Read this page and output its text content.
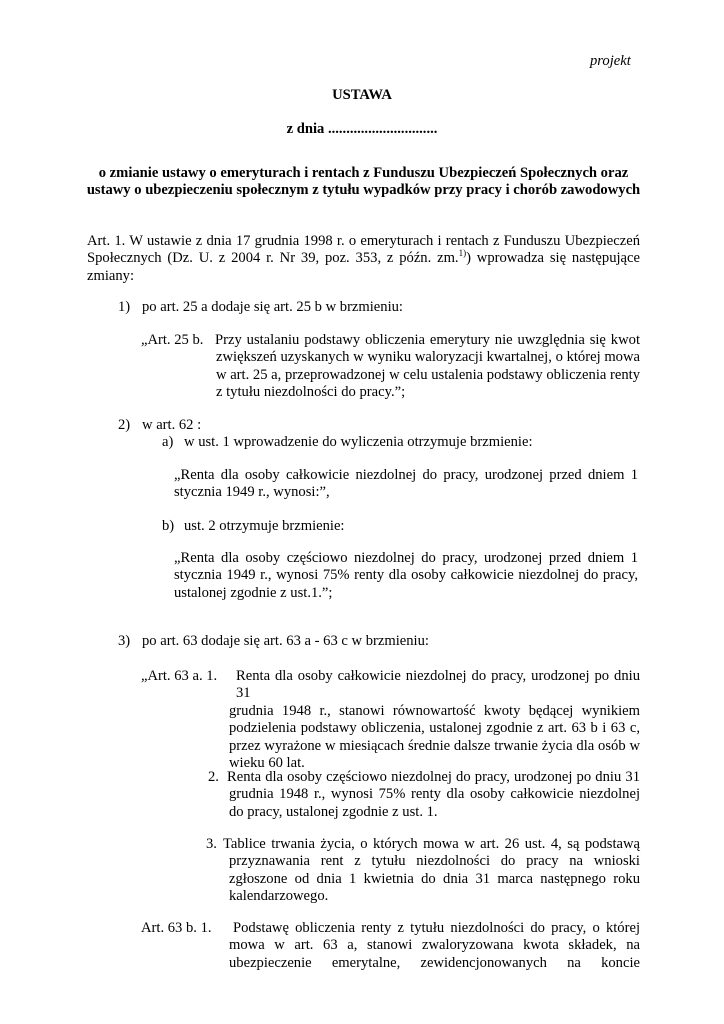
projekt
USTAWA
z dnia ..............................
o zmianie ustawy o emeryturach i rentach z Funduszu Ubezpieczeń Społecznych oraz ustawy o ubezpieczeniu społecznym z tytułu wypadków przy pracy i chorób zawodowych
Art. 1. W ustawie z dnia 17 grudnia 1998 r. o emeryturach i rentach z Funduszu Ubezpieczeń Społecznych (Dz. U. z 2004 r. Nr 39, poz. 353, z późn. zm.$^{1)}$) wprowadza się następujące zmiany:
1) po art. 25 a dodaje się art. 25 b w brzmieniu:
„Art. 25 b. Przy ustalaniu podstawy obliczenia emerytury nie uwzględnia się kwot
zwiększeń uzyskanych w wyniku waloryzacji kwartalnej, o której mowa w art. 25 a, przeprowadzonej w celu ustalenia podstawy obliczenia renty z tytułu niezdolności do pracy.”;
2) w art. 62 :
a) w ust. 1 wprowadzenie do wyliczenia otrzymuje brzmienie:
„Renta dla osoby całkowicie niezdolnej do pracy, urodzonej przed dniem 1 stycznia 1949 r., wynosi:”,
b) ust. 2 otrzymuje brzmienie:
„Renta dla osoby częściowo niezdolnej do pracy, urodzonej przed dniem 1 stycznia 1949 r., wynosi 75% renty dla osoby całkowicie niezdolnej do pracy, ustalonej zgodnie z ust.1.”;
3) po art. 63 dodaje się art. 63 a - 63 c w brzmieniu:
„Art. 63 a. 1.	Renta dla osoby całkowicie niezdolnej do pracy, urodzonej po dniu 31
grudnia 1948 r., stanowi równowartość kwoty będącej wynikiem podzielenia podstawy obliczenia, ustalonej zgodnie z art. 63 b i 63 c, przez wyrażone w miesiącach średnie dalsze trwanie życia dla osób w wieku 60 lat.
2. Renta dla osoby częściowo niezdolnej do pracy, urodzonej po dniu 31
grudnia 1948 r., wynosi 75% renty dla osoby całkowicie niezdolnej do pracy, ustalonej zgodnie z ust. 1.
3. Tablice trwania życia, o których mowa w art. 26 ust. 4, są podstawą
przyznawania rent z tytułu niezdolności do pracy na wnioski zgłoszone od dnia 1 kwietnia do dnia 31 marca następnego roku kalendarzowego.
Art. 63 b. 1.	Podstawę obliczenia renty z tytułu niezdolności do pracy, o której
mowa w art. 63 a, stanowi zwaloryzowana kwota składek, na ubezpieczenie emerytalne, zewidencjonowanych na koncie
